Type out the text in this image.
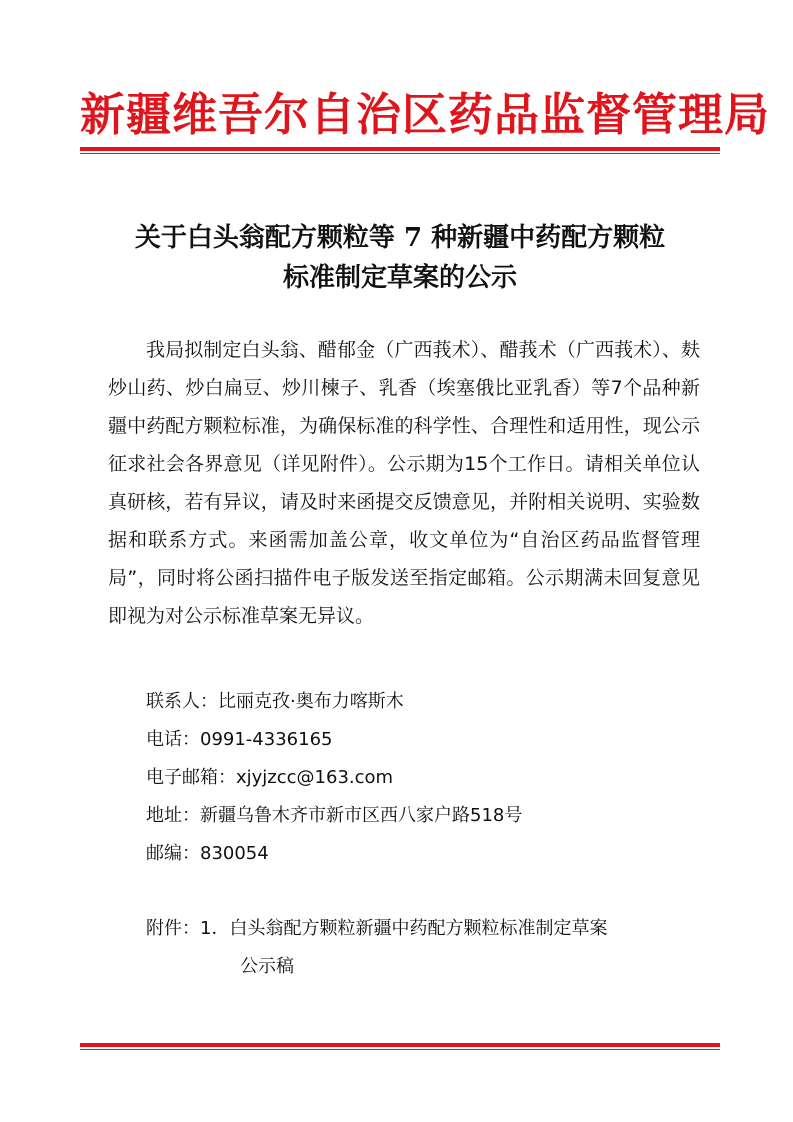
新疆维吾尔自治区药品监督管理局
关于白头翁配方颗粒等 7 种新疆中药配方颗粒
标准制定草案的公示

我局拟制定白头翁、醋郁金（广西莪术）、醋莪术（广西莪术）、麸炒山药、炒白扁豆、炒川楝子、乳香（埃塞俄比亚乳香）等7个品种新疆中药配方颗粒标准，为确保标准的科学性、合理性和适用性，现公示征求社会各界意见（详见附件）。公示期为15个工作日。请相关单位认真研核，若有异议，请及时来函提交反馈意见，并附相关说明、实验数据和联系方式。来函需加盖公章，收文单位为“自治区药品监督管理局”，同时将公函扫描件电子版发送至指定邮箱。公示期满未回复意见即视为对公示标准草案无异议。

联系人：比丽克孜·奥布力喀斯木
电话：0991-4336165
电子邮箱：xjyjzcc@163.com
地址：新疆乌鲁木齐市新市区西八家户路518号
邮编：830054
附件：1．白头翁配方颗粒新疆中药配方颗粒标准制定草案
公示稿
